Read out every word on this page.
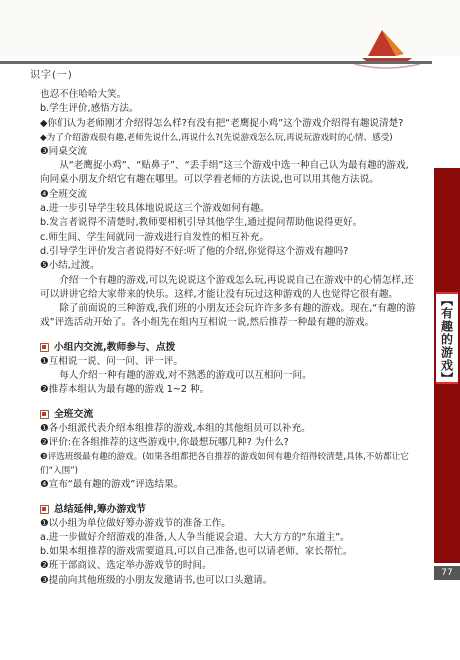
识字(一)

也忍不住哈哈大笑。

b.学生评价,感悟方法。

◆你们认为老师刚才介绍得怎么样?有没有把“老鹰捉小鸡”这个游戏介绍得有趣说清楚?

◆为了介绍游戏很有趣,老师先说什么,再说什么?(先说游戏怎么玩,再说玩游戏时的心情、感受)

❸同桌交流

从“老鹰捉小鸡”、“贴鼻子”、“丢手绢”这三个游戏中选一种自己认为最有趣的游戏,向同桌小朋友介绍它有趣在哪里。可以学着老师的方法说,也可以用其他方法说。

❹全班交流

a.进一步引导学生较具体地说说这三个游戏如何有趣。

b.发言者说得不清楚时,教师要相机引导其他学生,通过提问帮助他说得更好。

c.师生间、学生间就同一游戏进行自发性的相互补充。

d.引导学生评价发言者说得好不好:听了他的介绍,你觉得这个游戏有趣吗?

❺小结,过渡。

介绍一个有趣的游戏,可以先说说这个游戏怎么玩,再说说自己在游戏中的心情怎样,还可以讲讲它给大家带来的快乐。这样,才能让没有玩过这种游戏的人也觉得它很有趣。

除了前面说的三种游戏,我们班的小朋友还会玩许许多多有趣的游戏。现在,“有趣的游戏”评选活动开始了。各小组先在组内互相说一说,然后推荐一种最有趣的游戏。

小组内交流,教师参与、点拨

❶互相说一说、问一问、评一评。

每人介绍一种有趣的游戏,对不熟悉的游戏可以互相问一问。

❷推荐本组认为最有趣的游戏 1~2 种。

全班交流

❶各小组派代表介绍本组推荐的游戏,本组的其他组员可以补充。

❷评价:在各组推荐的这些游戏中,你最想玩哪几种? 为什么?

❸评选班级最有趣的游戏。(如果各组都把各自推荐的游戏如何有趣介绍得较清楚,具体,不妨都让它们“入围”)

❹宣布“最有趣的游戏”评选结果。

总结延伸,筹办游戏节

❶以小组为单位做好筹办游戏节的准备工作。

a.进一步做好介绍游戏的准备,人人争当能说会道、大大方方的“东道主”。

b.如果本组推荐的游戏需要道具,可以自己准备,也可以请老师、家长帮忙。

❷班干部商议、选定举办游戏节的时间。

❸提前向其他班级的小朋友发邀请书,也可以口头邀请。

【有趣的游戏】
77
